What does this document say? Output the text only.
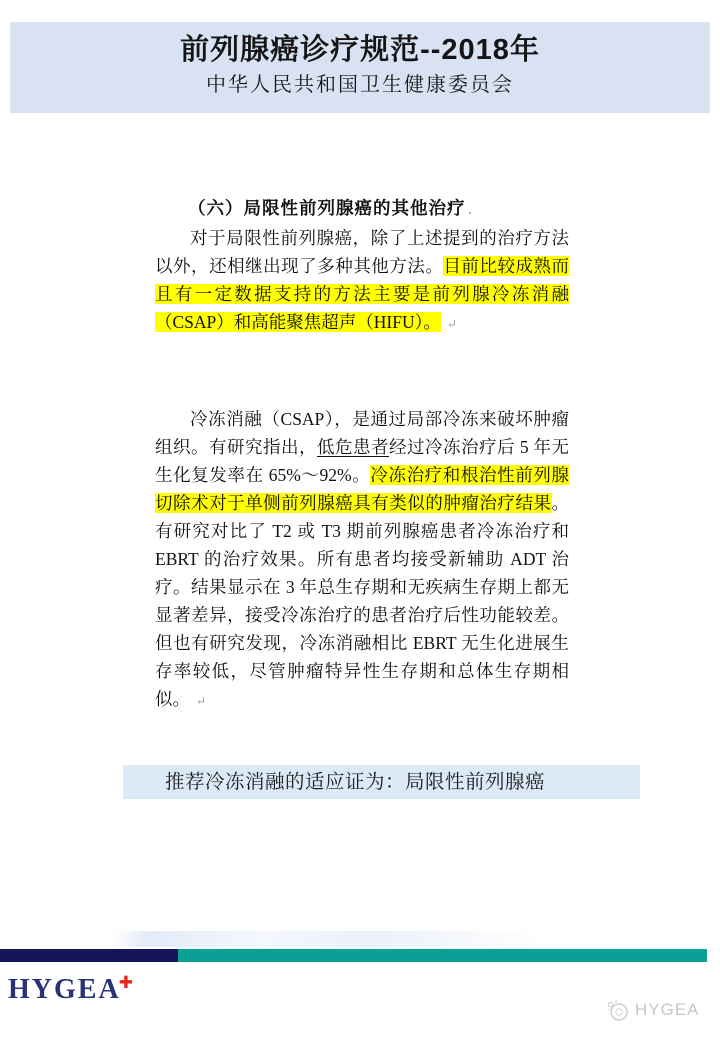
前列腺癌诊疗规范--2018年
中华人民共和国卫生健康委员会
（六）局限性前列腺癌的其他治疗 .

对于局限性前列腺癌，除了上述提到的治疗方法以外，还相继出现了多种其他方法。目前比较成熟而且有一定数据支持的方法主要是前列腺冷冻消融（CSAP）和高能聚焦超声（HIFU）。 ↵

冷冻消融（CSAP），是通过局部冷冻来破坏肿瘤组织。有研究指出，低危患者经过冷冻治疗后 5 年无生化复发率在 65%～92%。冷冻治疗和根治性前列腺切除术对于单侧前列腺癌具有类似的肿瘤治疗结果。有研究对比了 T2 或 T3 期前列腺癌患者冷冻治疗和 EBRT 的治疗效果。所有患者均接受新辅助 ADT 治疗。结果显示在 3 年总生存期和无疾病生存期上都无显著差异，接受冷冻治疗的患者治疗后性功能较差。但也有研究发现，冷冻消融相比 EBRT 无生化进展生存率较低，尽管肿瘤特异性生存期和总体生存期相似。 ↵

推荐冷冻消融的适应证为：局限性前列腺癌
HYGEA✚
HYGEA
